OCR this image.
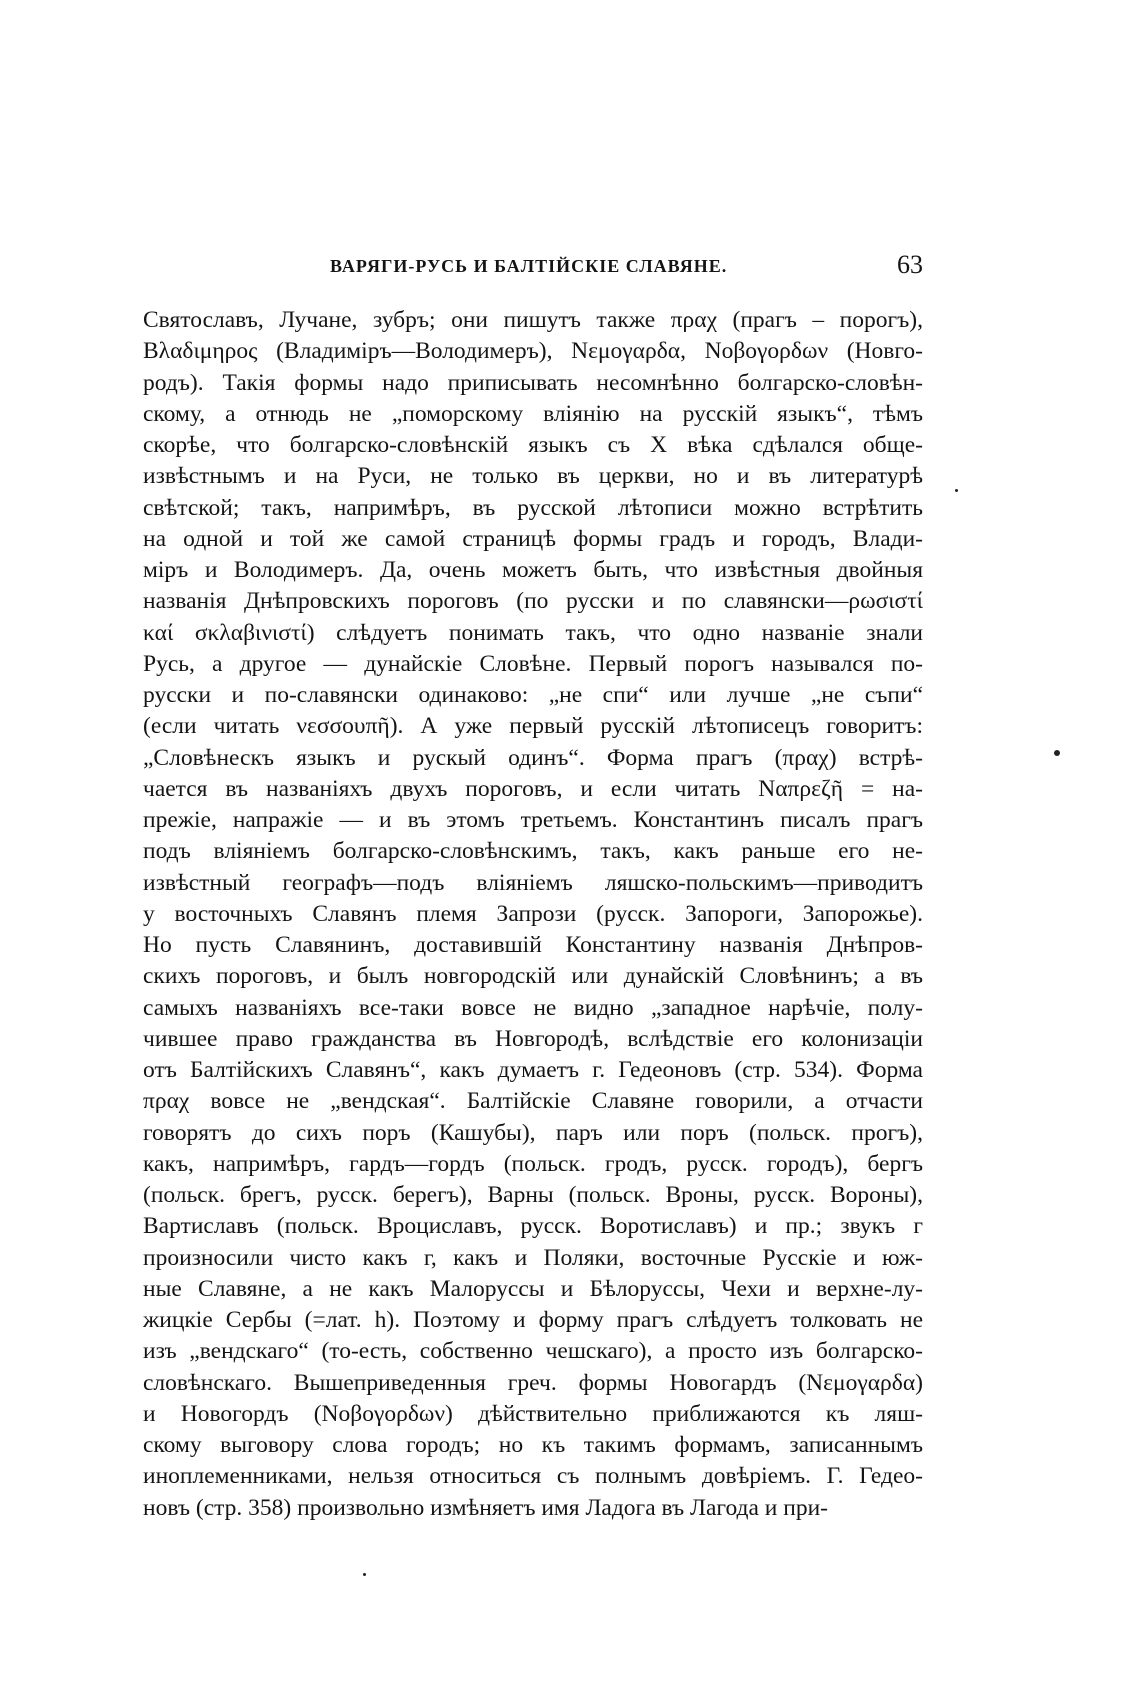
ВАРЯГИ-РУСЬ И БАЛТІЙСКІЕ СЛАВЯНЕ.	63
Святославъ, Лучане, зубръ; они пишутъ также πραχ (прагъ – порогъ),
Βλαδιμηρος (Владиміръ—Володимеръ), Νεμογαρδα, Νοβογορδων (Новго-
родъ). Такія формы надо приписывать несомнѣнно болгарско-словѣн-
скому, а отнюдь не „поморскому вліянію на русскій языкъ“, тѣмъ
скорѣе, что болгарско-словѣнскій языкъ съ X вѣка сдѣлался обще-
извѣстнымъ и на Руси, не только въ церкви, но и въ литературѣ
свѣтской; такъ, напримѣръ, въ русской лѣтописи можно встрѣтить
на одной и той же самой страницѣ формы градъ и городъ, Влади-
міръ и Володимеръ. Да, очень можетъ быть, что извѣстныя двойныя
названія Днѣпровскихъ пороговъ (по русски и по славянски—ρωσιστί
καί σκλαβινιστί) слѣдуетъ понимать такъ, что одно названіе знали
Русь, а другое — дунайскіе Словѣне. Первый порогъ назывался по-
русски и по-славянски одинаково: „не спи“ или лучше „не съпи“
(если читать νεσσουπῆ). А уже первый русскій лѣтописецъ говоритъ:
„Словѣнескъ языкъ и рускый одинъ“. Форма прагъ (πραχ) встрѣ-
чается въ названіяхъ двухъ пороговъ, и если читать Ναπρεζῆ = на-
прежіе, напражіе — и въ этомъ третьемъ. Константинъ писалъ прагъ
подъ вліяніемъ болгарско-словѣнскимъ, такъ, какъ раньше его не-
извѣстный географъ—подъ вліяніемъ ляшско-польскимъ—приводитъ
у восточныхъ Славянъ племя Запрози (русск. Запороги, Запорожье).
Но пусть Славянинъ, доставившій Константину названія Днѣпров-
скихъ пороговъ, и былъ новгородскій или дунайскій Словѣнинъ; а въ
самыхъ названіяхъ все-таки вовсе не видно „западное нарѣчіе, полу-
чившее право гражданства въ Новгородѣ, вслѣдствіе его колонизаціи
отъ Балтійскихъ Славянъ“, какъ думаетъ г. Гедеоновъ (стр. 534). Форма
πραχ вовсе не „вендская“. Балтійскіе Славяне говорили, а отчасти
говорятъ до сихъ поръ (Кашубы), паръ или поръ (польск. прогъ),
какъ, напримѣръ, гардъ—гордъ (польск. гродъ, русск. городъ), бергъ
(польск. брегъ, русск. берегъ), Варны (польск. Вроны, русск. Вороны),
Вартиславъ (польск. Вроциславъ, русск. Воротиславъ) и пр.; звукъ г
произносили чисто какъ г, какъ и Поляки, восточные Русскіе и юж-
ные Славяне, а не какъ Малоруссы и Бѣлоруссы, Чехи и верхне-лу-
жицкіе Сербы (=лат. h). Поэтому и форму прагъ слѣдуетъ толковать не
изъ „вендскаго“ (то-есть, собственно чешскаго), а просто изъ болгарско-
словѣнскаго. Вышеприведенныя греч. формы Новогардъ (Νεμογαρδα)
и Новогордъ (Νοβογορδων) дѣйствительно приближаются къ ляш-
скому выговору слова городъ; но къ такимъ формамъ, записаннымъ
иноплеменниками, нельзя относиться съ полнымъ довѣріемъ. Г. Гедео-
новъ (стр. 358) произвольно измѣняетъ имя Ладога въ Лагода и при-
